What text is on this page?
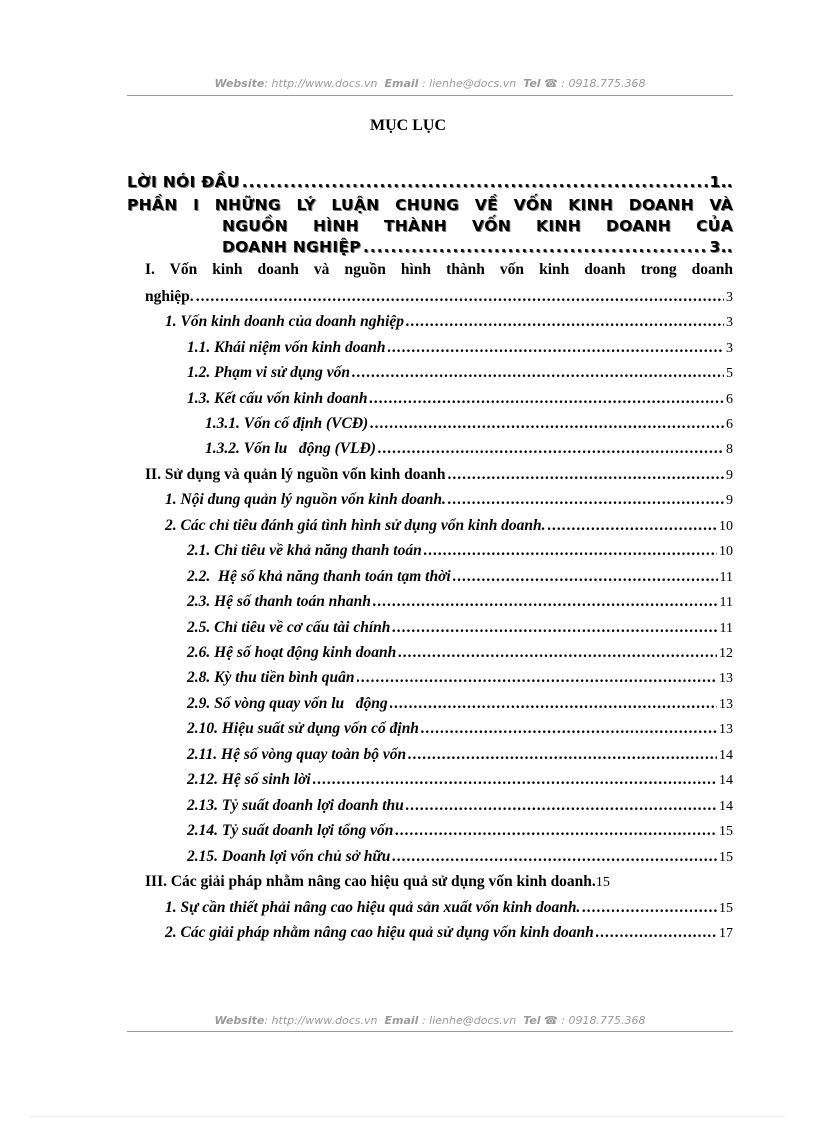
Website: http://www.docs.vn Email : lienhe@docs.vn Tel ☎ : 0918.775.368
MỤC LỤC
LỜI NÓI ĐẦU .....	1 ..
PHẦN I NHỮNG LÝ LUẬN CHUNG VỀ VỐN KINH DOANH VÀ
NGUỒN HÌNH THÀNH VỐN KINH DOANH CỦA
DOANH NGHIỆP .....	3 ..
I. Vốn kinh doanh và nguồn hình thành vốn kinh doanh trong doanh
nghiệp. .....	3
1. Vốn kinh doanh của doanh nghiệp .....	3
1.1. Khái niệm vốn kinh doanh .....	3
1.2. Phạm vi sử dụng vốn .....	5
1.3. Kết cấu vốn kinh doanh .....	6
1.3.1. Vốn cố định (VCĐ) .....	6
1.3.2. Vốn lu   động (VLĐ) .....	8
II. Sử dụng và quản lý nguồn vốn kinh doanh .....	9
1. Nội dung quản lý nguồn vốn kinh doanh. .....	9
2. Các chỉ tiêu đánh giá tình hình sử dụng vốn kinh doanh. .....	10
2.1. Chỉ tiêu về khả năng thanh toán .....	10
2.2.  Hệ số khả năng thanh toán tạm thời .....	11
2.3. Hệ số thanh toán nhanh .....	11
2.5. Chỉ tiêu về cơ cấu tài chính .....	11
2.6. Hệ số hoạt động kinh doanh .....	12
2.8. Kỳ thu tiền bình quân .....	13
2.9. Số vòng quay vốn lu   động .....	13
2.10. Hiệu suất sử dụng vốn cố định .....	13
2.11. Hệ số vòng quay toàn bộ vốn .....	14
2.12. Hệ số sinh lời .....	14
2.13. Tỷ suất doanh lợi doanh thu .....	14
2.14. Tỷ suất doanh lợi tổng vốn .....	15
2.15. Doanh lợi vốn chủ sở hữu .....	15
III. Các giải pháp nhằm nâng cao hiệu quả sử dụng vốn kinh doanh. 15
1. Sự cần thiết phải nâng cao hiệu quả sản xuất vốn kinh doanh. .....	15
2. Các giải pháp nhằm nâng cao hiệu quả sử dụng vốn kinh doanh .....	17
Website: http://www.docs.vn Email : lienhe@docs.vn Tel ☎ : 0918.775.368
